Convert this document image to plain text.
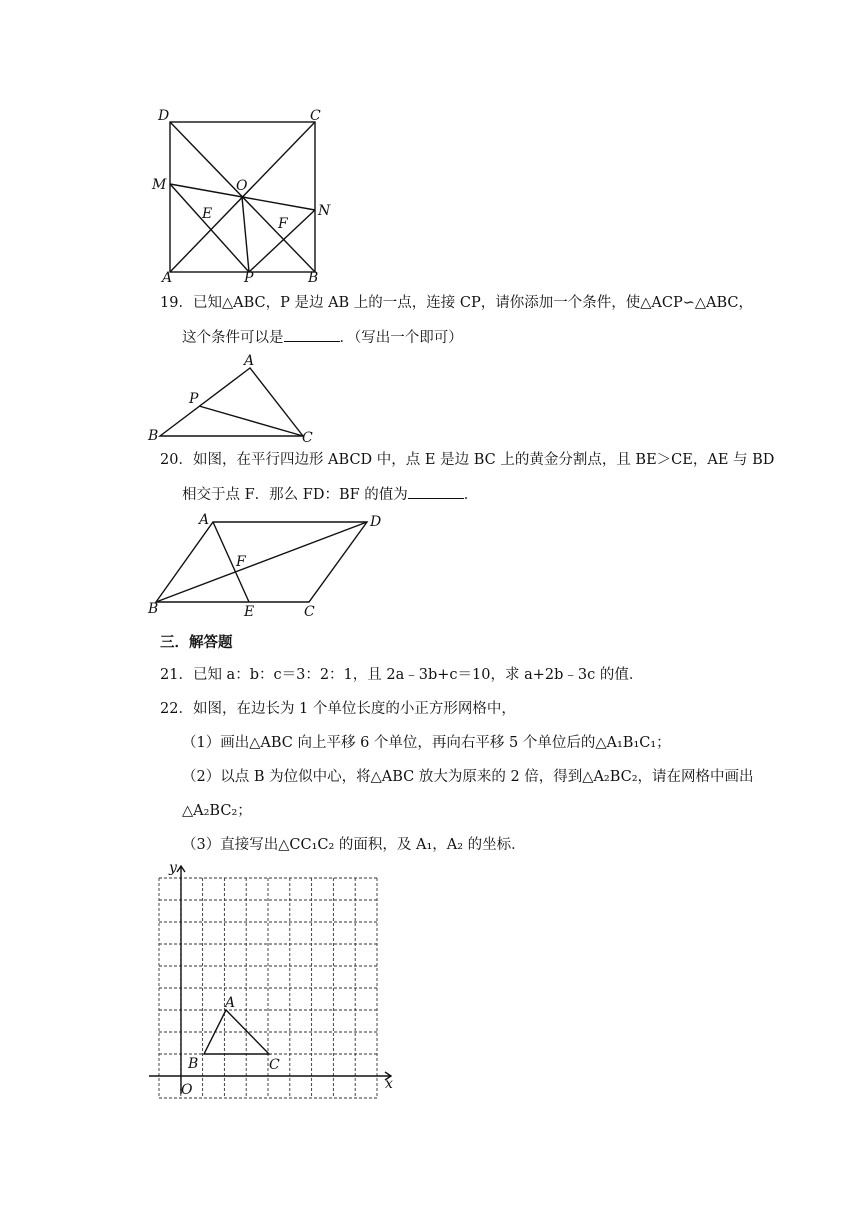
D	C
M	O
E
F
N
A	P	B
19．已知△ABC，P 是边 AB 上的一点，连接 CP，请你添加一个条件，使△ACP∽△ABC，
这个条件可以是	．（写出一个即可）
A
P
B	C
20．如图，在平行四边形 ABCD 中，点 E 是边 BC 上的黄金分割点，且 BE＞CE，AE 与 BD
相交于点 F．那么 FD：BF 的值为	．
A	D
F
B	E	C
三．解答题
21．已知 a：b：c＝3：2：1，且 2a﹣3b+c＝10，求 a+2b﹣3c 的值．
22．如图，在边长为 1 个单位长度的小正方形网格中，
（1）画出△ABC 向上平移 6 个单位，再向右平移 5 个单位后的△A₁B₁C₁；
（2）以点 B 为位似中心，将△ABC 放大为原来的 2 倍，得到△A₂BC₂，请在网格中画出
△A₂BC₂；
（3）直接写出△CC₁C₂ 的面积，及 A₁，A₂ 的坐标．
y
x
O
A
B	C
